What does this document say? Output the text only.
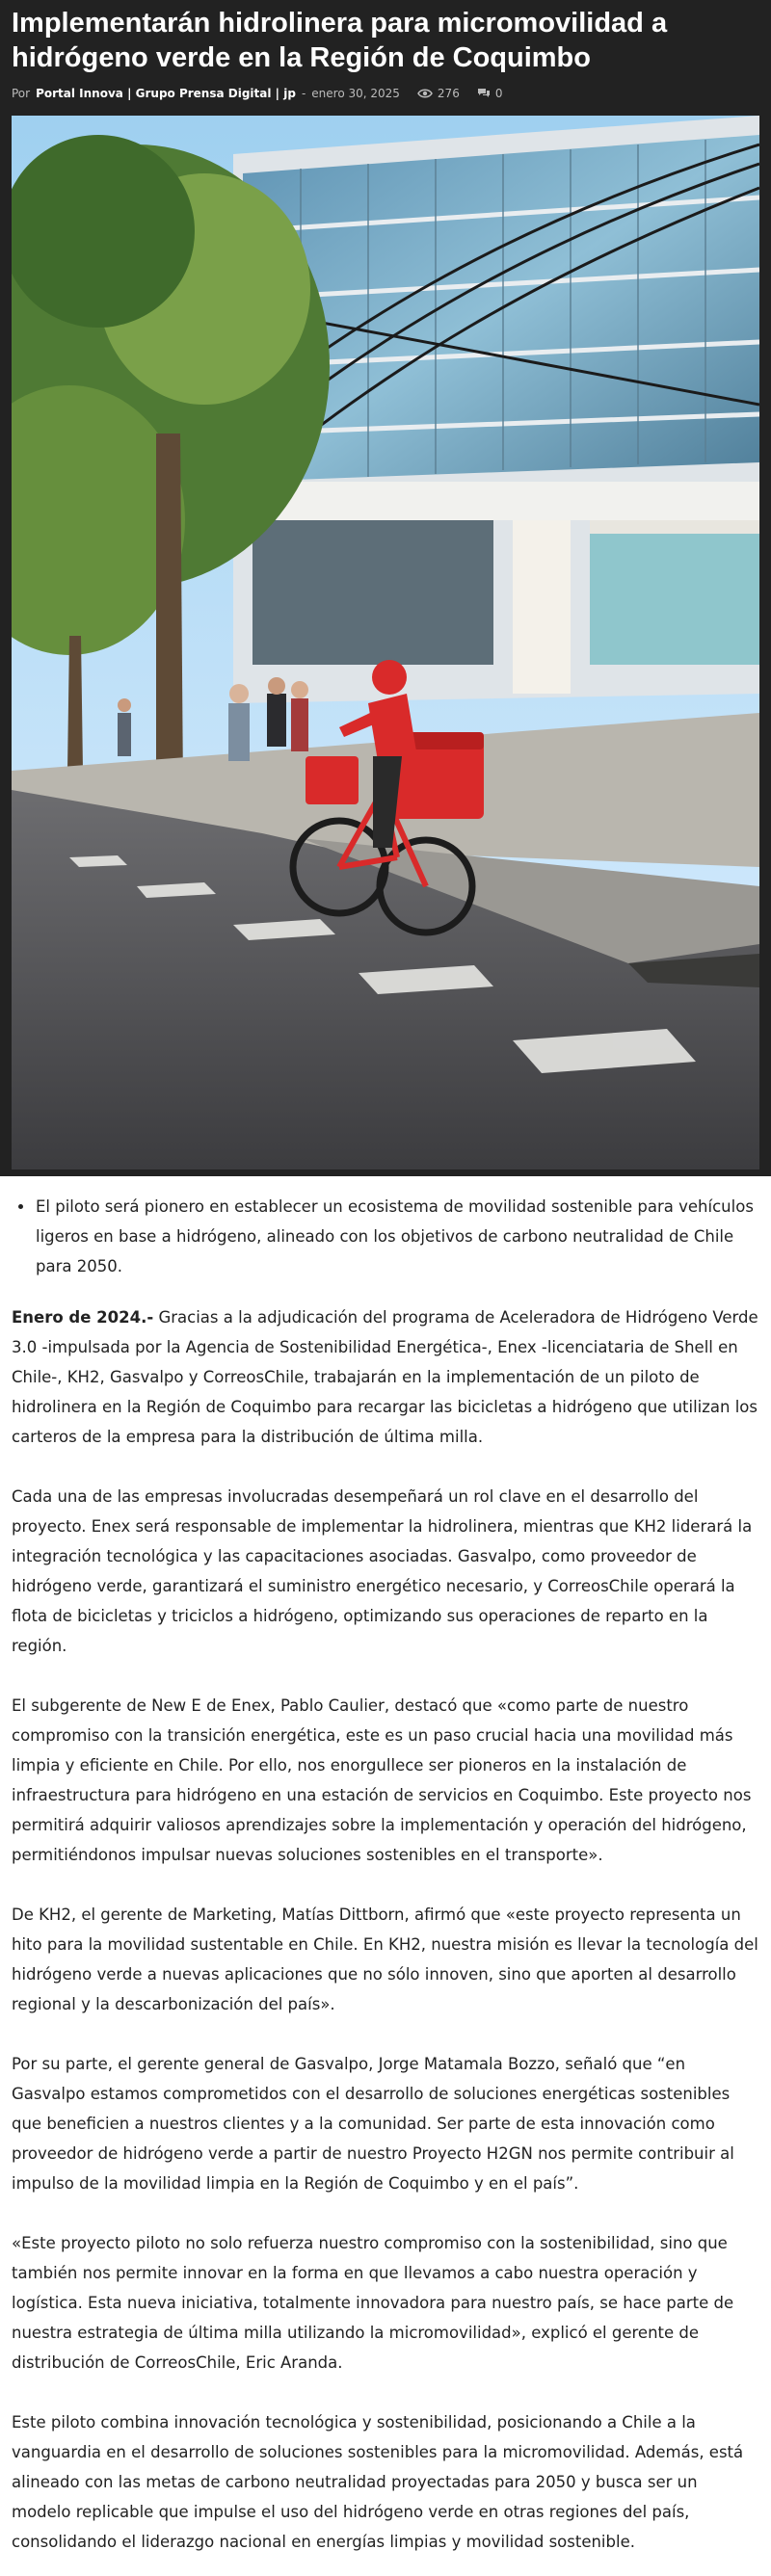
Implementarán hidrolinera para micromovilidad a hidrógeno verde en la Región de Coquimbo
Por Portal Innova | Grupo Prensa Digital | jp - enero 30, 2025	276	0
• El piloto será pionero en establecer un ecosistema de movilidad sostenible para vehículos ligeros en base a hidrógeno, alineado con los objetivos de carbono neutralidad de Chile para 2050.

Enero de 2024.- Gracias a la adjudicación del programa de Aceleradora de Hidrógeno Verde 3.0 -impulsada por la Agencia de Sostenibilidad Energética-, Enex -licenciataria de Shell en Chile-, KH2, Gasvalpo y CorreosChile, trabajarán en la implementación de un piloto de hidrolinera en la Región de Coquimbo para recargar las bicicletas a hidrógeno que utilizan los carteros de la empresa para la distribución de última milla.

Cada una de las empresas involucradas desempeñará un rol clave en el desarrollo del proyecto. Enex será responsable de implementar la hidrolinera, mientras que KH2 liderará la integración tecnológica y las capacitaciones asociadas. Gasvalpo, como proveedor de hidrógeno verde, garantizará el suministro energético necesario, y CorreosChile operará la flota de bicicletas y triciclos a hidrógeno, optimizando sus operaciones de reparto en la región.

El subgerente de New E de Enex, Pablo Caulier, destacó que «como parte de nuestro compromiso con la transición energética, este es un paso crucial hacia una movilidad más limpia y eficiente en Chile. Por ello, nos enorgullece ser pioneros en la instalación de infraestructura para hidrógeno en una estación de servicios en Coquimbo. Este proyecto nos permitirá adquirir valiosos aprendizajes sobre la implementación y operación del hidrógeno, permitiéndonos impulsar nuevas soluciones sostenibles en el transporte».

De KH2, el gerente de Marketing, Matías Dittborn, afirmó que «este proyecto representa un hito para la movilidad sustentable en Chile. En KH2, nuestra misión es llevar la tecnología del hidrógeno verde a nuevas aplicaciones que no sólo innoven, sino que aporten al desarrollo regional y la descarbonización del país».

Por su parte, el gerente general de Gasvalpo, Jorge Matamala Bozzo, señaló que “en Gasvalpo estamos comprometidos con el desarrollo de soluciones energéticas sostenibles que beneficien a nuestros clientes y a la comunidad. Ser parte de esta innovación como proveedor de hidrógeno verde a partir de nuestro Proyecto H2GN nos permite contribuir al impulso de la movilidad limpia en la Región de Coquimbo y en el país”.

«Este proyecto piloto no solo refuerza nuestro compromiso con la sostenibilidad, sino que también nos permite innovar en la forma en que llevamos a cabo nuestra operación y logística. Esta nueva iniciativa, totalmente innovadora para nuestro país, se hace parte de nuestra estrategia de última milla utilizando la micromovilidad», explicó el gerente de distribución de CorreosChile, Eric Aranda.

Este piloto combina innovación tecnológica y sostenibilidad, posicionando a Chile a la vanguardia en el desarrollo de soluciones sostenibles para la micromovilidad. Además, está alineado con las metas de carbono neutralidad proyectadas para 2050 y busca ser un modelo replicable que impulse el uso del hidrógeno verde en otras regiones del país, consolidando el liderazgo nacional en energías limpias y movilidad sostenible.
